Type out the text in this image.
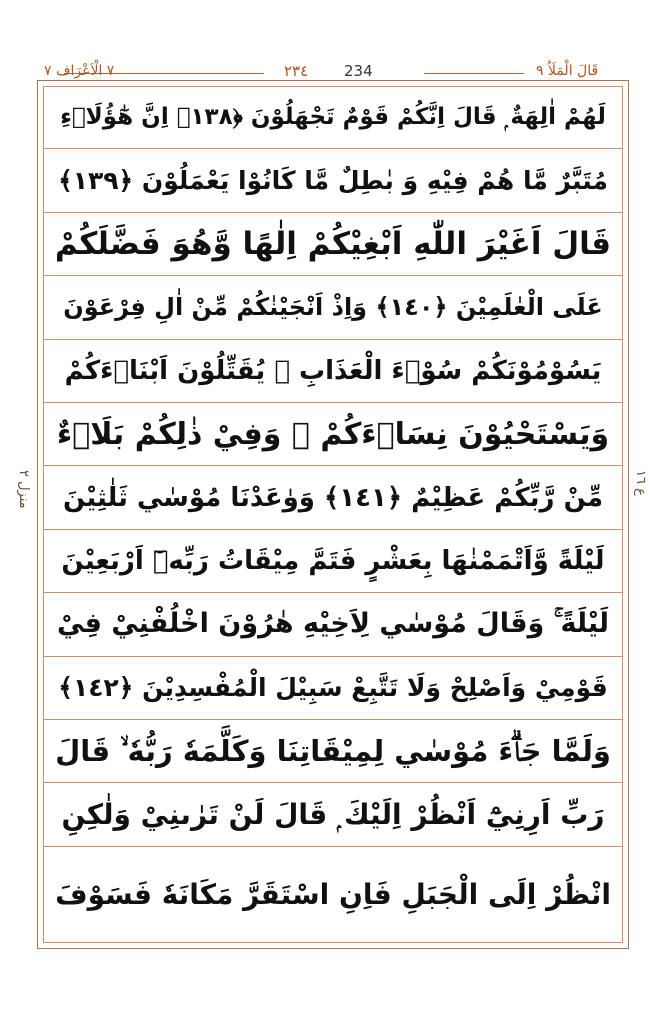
٧ الْاَعْرَاف ٧	٢٣٤ 234	قَالَ الْمَلَاُ ٩
منزل ٢	ع ١٦
لَهُمْ اٰلِهَةٌ ۭ قَالَ اِنَّكُمْ قَوْمٌ تَجْهَلُوْنَ ﴿١٣٨﴾ اِنَّ هٰٓؤُلَاۗءِ
مُتَبَّرٌ مَّا هُمْ فِيْهِ وَ بٰطِلٌ مَّا كَانُوْا يَعْمَلُوْنَ ﴿١٣٩﴾
قَالَ اَغَيْرَ اللّٰهِ اَبْغِيْكُمْ اِلٰهًا وَّهُوَ فَضَّلَكُمْ
عَلَى الْعٰلَمِيْنَ ﴿١٤٠﴾ وَاِذْ اَنْجَيْنٰكُمْ مِّنْ اٰلِ فِرْعَوْنَ
يَسُوْمُوْنَكُمْ سُوْۗءَ الْعَذَابِ ۚ يُقَتِّلُوْنَ اَبْنَاۗءَكُمْ
وَيَسْتَحْيُوْنَ نِسَاۗءَكُمْ ۭ وَفِيْ ذٰلِكُمْ بَلَاۗءٌ
مِّنْ رَّبِّكُمْ عَظِيْمٌ ﴿١٤١﴾ وَوٰعَدْنَا مُوْسٰي ثَلٰثِيْنَ
لَيْلَةً وَّاَتْمَمْنٰهَا بِعَشْرٍ فَتَمَّ مِيْقَاتُ رَبِّهٖٓ اَرْبَعِيْنَ
لَيْلَةً ۚ وَقَالَ مُوْسٰي لِاَخِيْهِ هٰرُوْنَ اخْلُفْنِيْ فِيْ
قَوْمِيْ وَاَصْلِحْ وَلَا تَتَّبِعْ سَبِيْلَ الْمُفْسِدِيْنَ ﴿١٤٢﴾
وَلَمَّا جَاۗءَ مُوْسٰي لِمِيْقَاتِنَا وَكَلَّمَهٗ رَبُّهٗ ۙ قَالَ
رَبِّ اَرِنِيْٓ اَنْظُرْ اِلَيْكَ ۭ قَالَ لَنْ تَرٰىنِيْ وَلٰكِنِ
انْظُرْ اِلَى الْجَبَلِ فَاِنِ اسْتَقَرَّ مَكَانَهٗ فَسَوْفَ
